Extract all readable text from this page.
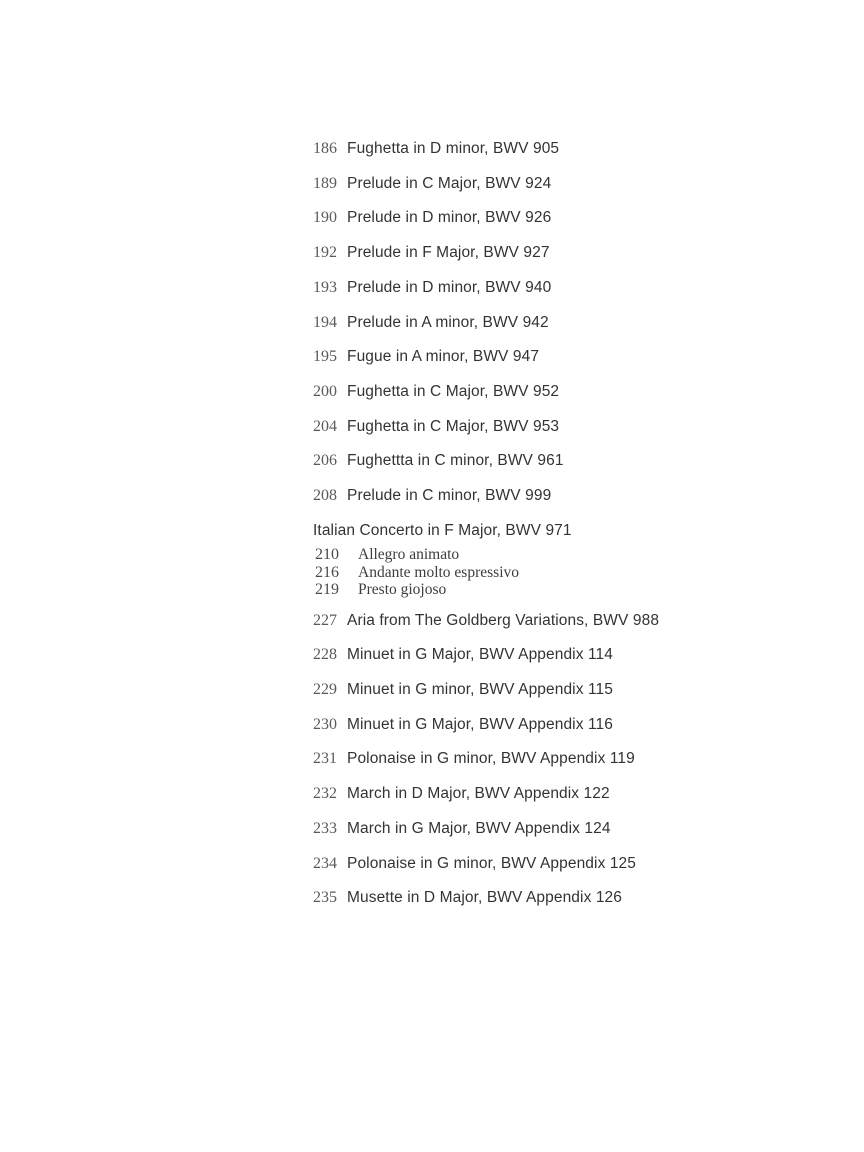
186 Fughetta in D minor, BWV 905
189 Prelude in C Major, BWV 924
190 Prelude in D minor, BWV 926
192 Prelude in F Major, BWV 927
193 Prelude in D minor, BWV 940
194 Prelude in A minor, BWV 942
195 Fugue in A minor, BWV 947
200 Fughetta in C Major, BWV 952
204 Fughetta in C Major, BWV 953
206 Fughettta in C minor, BWV 961
208 Prelude in C minor, BWV 999
Italian Concerto in F Major, BWV 971
210 Allegro animato
216 Andante molto espressivo
219 Presto giojoso
227 Aria from The Goldberg Variations, BWV 988
228 Minuet in G Major, BWV Appendix 114
229 Minuet in G minor, BWV Appendix 115
230 Minuet in G Major, BWV Appendix 116
231 Polonaise in G minor, BWV Appendix 119
232 March in D Major, BWV Appendix 122
233 March in G Major, BWV Appendix 124
234 Polonaise in G minor, BWV Appendix 125
235 Musette in D Major, BWV Appendix 126
